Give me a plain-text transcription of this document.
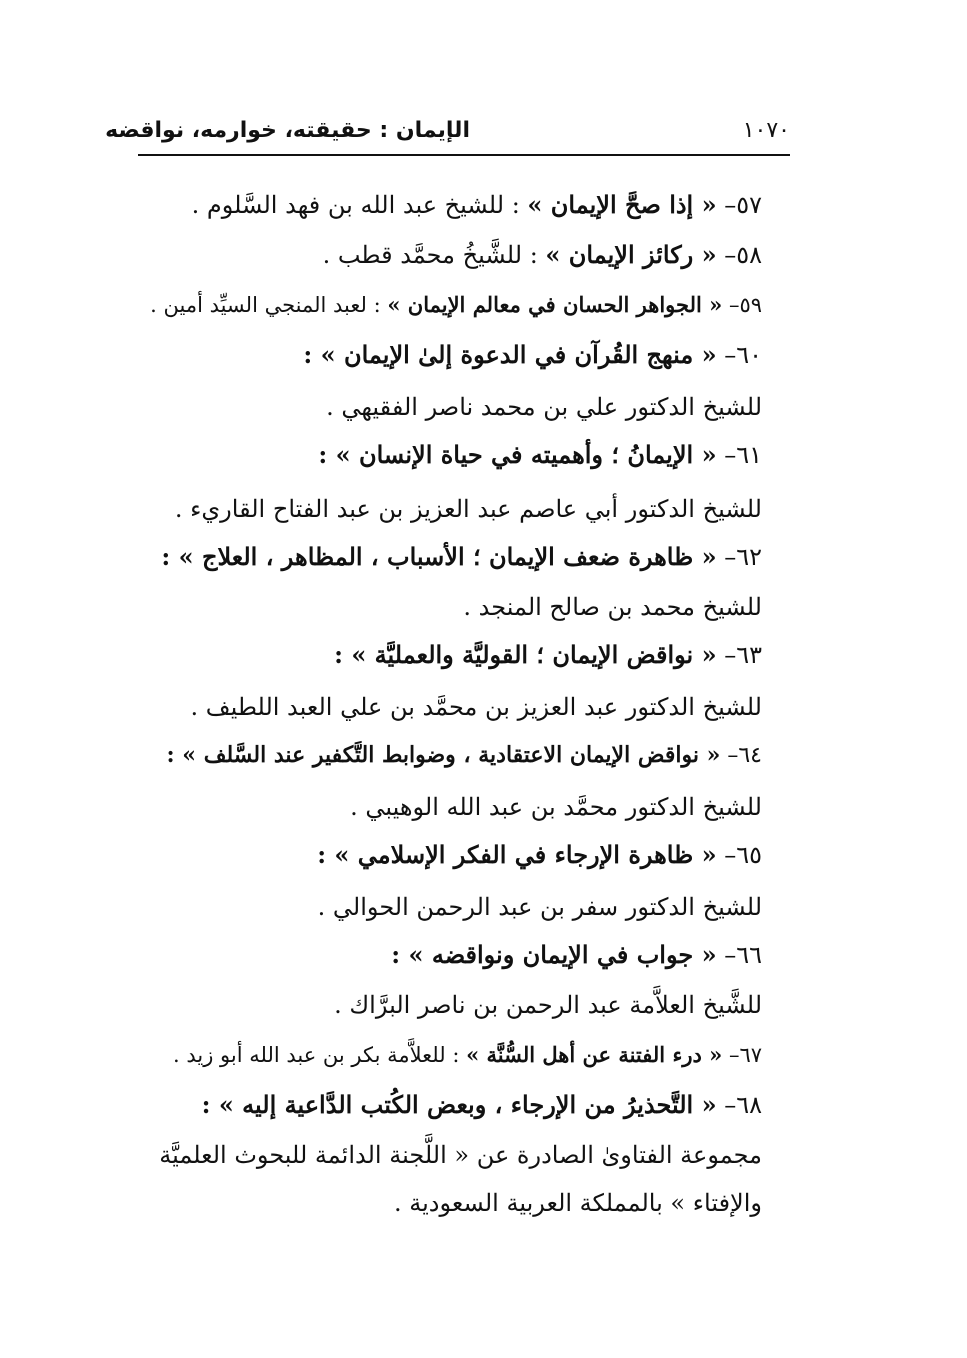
الإيمان : حقيقته، خوارمه، نواقضه	١٠٧٠
٥٧– « إذا صحَّ الإيمان » : للشيخ عبد الله بن فهد السَّلوم .
٥٨– « ركائز الإيمان » : للشَّيخُ محمَّد قطب .
٥٩– « الجواهر الحسان في معالم الإيمان » : لعبد المنجي السيِّد أمين .
٦٠– « منهج القُرآن في الدعوة إلىٰ الإيمان » :
للشيخ الدكتور علي بن محمد ناصر الفقيهي .
٦١– « الإيمانُ ؛ وأهميته في حياة الإنسان » :
للشيخ الدكتور أبي عاصم عبد العزيز بن عبد الفتاح القاريء .
٦٢– « ظاهرة ضعف الإيمان ؛ الأسباب ، المظاهر ، العلاج » :
للشيخ محمد بن صالح المنجد .
٦٣– « نواقض الإيمان ؛ القوليَّة والعمليَّة » :
للشيخ الدكتور عبد العزيز بن محمَّد بن علي العبد اللطيف .
٦٤– « نواقض الإيمان الاعتقادية ، وضوابط التَّكفير عند السَّلف » :
للشيخ الدكتور محمَّد بن عبد الله الوهيبي .
٦٥– « ظاهرة الإرجاء في الفكر الإسلامي » :
للشيخ الدكتور سفر بن عبد الرحمن الحوالي .
٦٦– « جواب في الإيمان ونواقضه » :
للشَّيخ العلاَّمة عبد الرحمن بن ناصر البرَّاك .
٦٧– « درء الفتنة عن أهل السُّنَّة » : للعلاَّمة بكر بن عبد الله أبو زيد .
٦٨– « التَّحذيرُ من الإرجاء ، وبعض الكُتب الدَّاعية إليه » :
مجموعة الفتاوىٰ الصادرة عن « اللَّجنة الدائمة للبحوث العلميَّة
والإفتاء » بالمملكة العربية السعودية .
